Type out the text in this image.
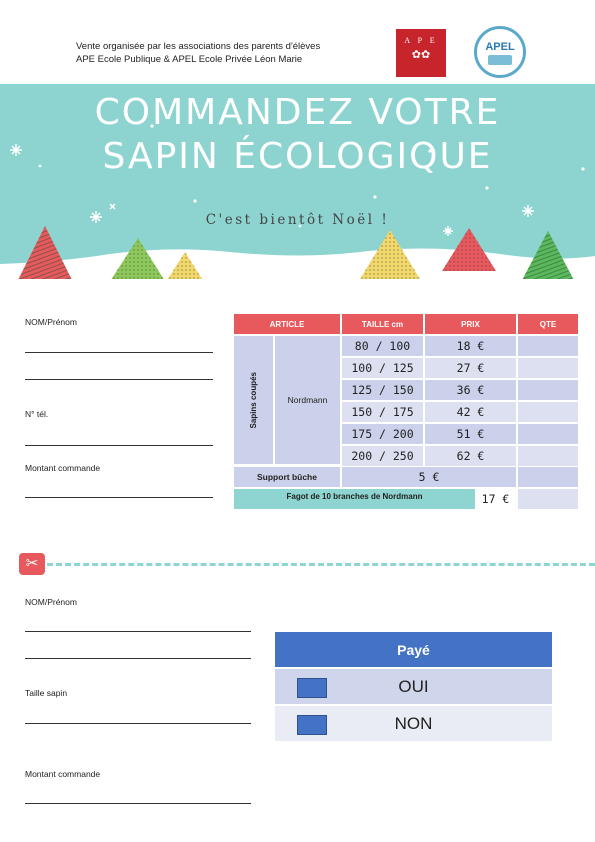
Vente organisée par les associations des parents d'élèves
APE Ecole Publique & APEL Ecole Privée Léon Marie
A P E
✿✿
APEL
COMMANDEZ VOTRE
SAPIN ÉCOLOGIQUE
C'est bientôt Noël !
NOM/Prénom
N° tél.
Montant commande
ARTICLE	TAILLE cm	PRIX	QTE
Sapins coupés	Nordmann
80 / 100	18 €
100 / 125	27 €
125 / 150	36 €
150 / 175	42 €
175 / 200	51 €
200 / 250	62 €
Support bûche	5 €
Fagot de 10 branches de Nordmann	17 €
✂
NOM/Prénom
Taille sapin
Montant commande
Payé
OUI
NON
